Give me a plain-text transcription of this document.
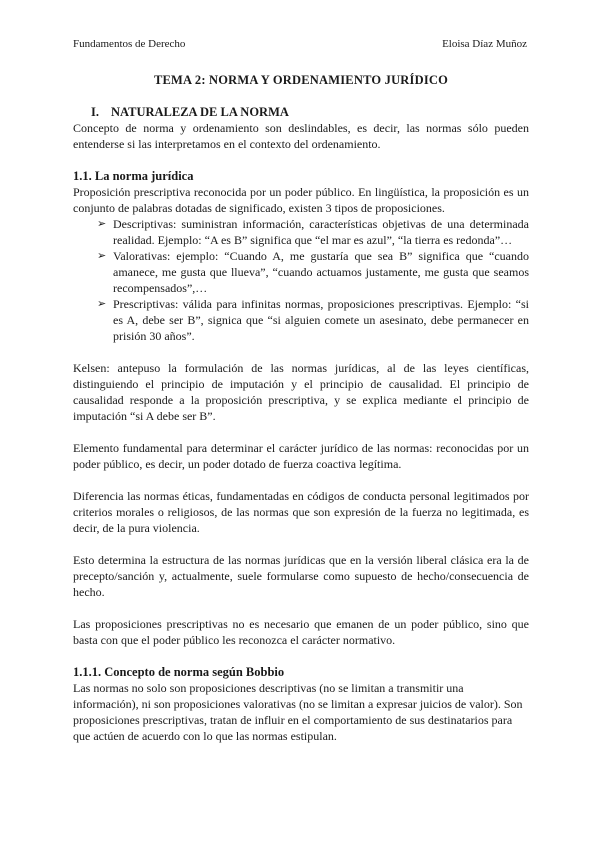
Fundamentos de Derecho	Eloisa Díaz Muñoz

TEMA 2: NORMA Y ORDENAMIENTO JURÍDICO

I. NATURALEZA DE LA NORMA

Concepto de norma y ordenamiento son deslindables, es decir, las normas sólo pueden entenderse si las interpretamos en el contexto del ordenamiento.

1.1. La norma jurídica

Proposición prescriptiva reconocida por un poder público. En lingüística, la proposición es un conjunto de palabras dotadas de significado, existen 3 tipos de proposiciones.

➢ Descriptivas: suministran información, características objetivas de una determinada realidad. Ejemplo: “A es B” significa que “el mar es azul”, “la tierra es redonda”…
➢ Valorativas: ejemplo: “Cuando A, me gustaría que sea B” significa que “cuando amanece, me gusta que llueva”, “cuando actuamos justamente, me gusta que seamos recompensados”,…
➢ Prescriptivas: válida para infinitas normas, proposiciones prescriptivas. Ejemplo: “si es A, debe ser B”, signica que “si alguien comete un asesinato, debe permanecer en prisión 30 años”.

Kelsen: antepuso la formulación de las normas jurídicas, al de las leyes científicas, distinguiendo el principio de imputación y el principio de causalidad. El principio de causalidad responde a la proposición prescriptiva, y se explica mediante el principio de imputación “si A debe ser B”.

Elemento fundamental para determinar el carácter jurídico de las normas: reconocidas por un poder público, es decir, un poder dotado de fuerza coactiva legítima.

Diferencia las normas éticas, fundamentadas en códigos de conducta personal legitimados por criterios morales o religiosos, de las normas que son expresión de la fuerza no legitimada, es decir, de la pura violencia.

Esto determina la estructura de las normas jurídicas que en la versión liberal clásica era la de precepto/sanción y, actualmente, suele formularse como supuesto de hecho/consecuencia de hecho.

Las proposiciones prescriptivas no es necesario que emanen de un poder público, sino que basta con que el poder público les reconozca el carácter normativo.

1.1.1. Concepto de norma según Bobbio

Las normas no solo son proposiciones descriptivas (no se limitan a transmitir una información), ni son proposiciones valorativas (no se limitan a expresar juicios de valor). Son proposiciones prescriptivas, tratan de influir en el comportamiento de sus destinatarios para que actúen de acuerdo con lo que las normas estipulan.
